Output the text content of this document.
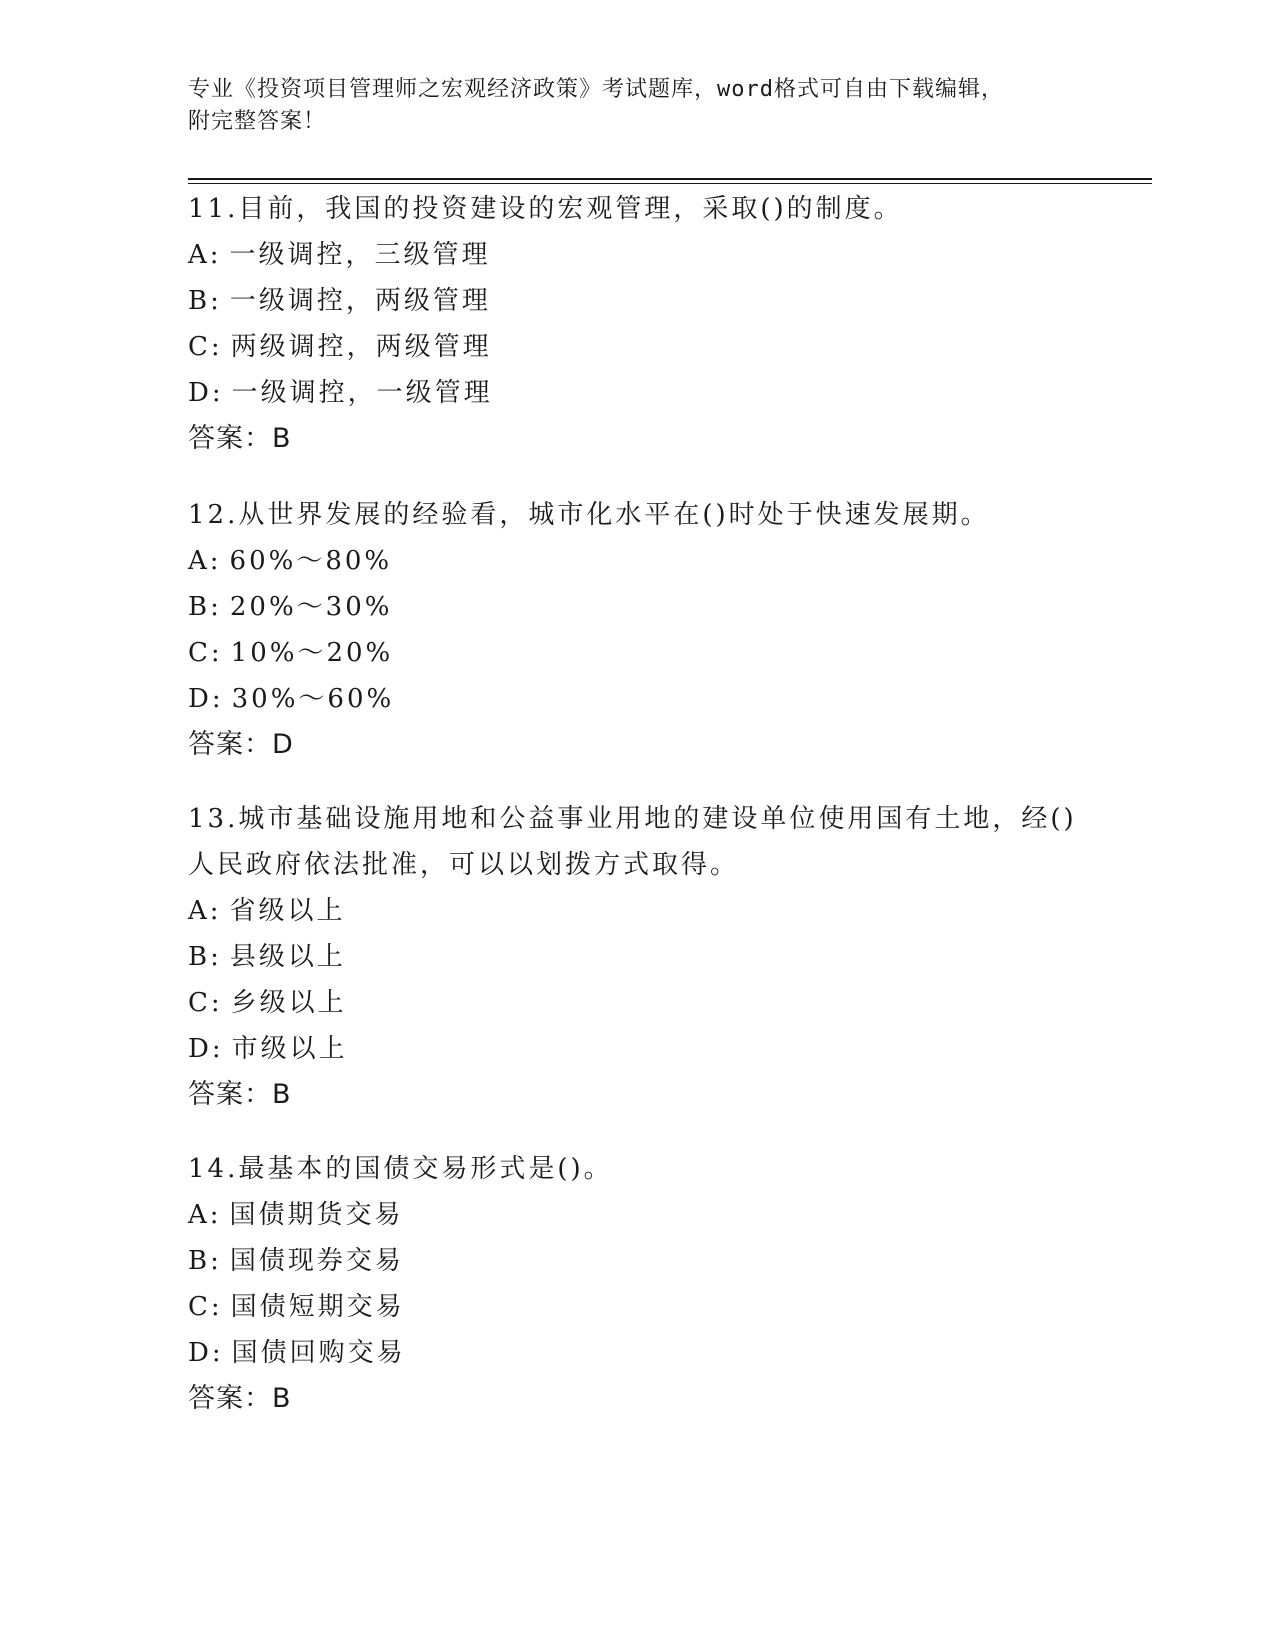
专业《投资项目管理师之宏观经济政策》考试题库，word格式可自由下载编辑，
附完整答案！

11.目前，我国的投资建设的宏观管理，采取()的制度。

A: 一级调控，三级管理

B: 一级调控，两级管理

C: 两级调控，两级管理

D: 一级调控，一级管理

答案：B

12.从世界发展的经验看，城市化水平在()时处于快速发展期。

A: 60%～80%

B: 20%～30%

C: 10%～20%

D: 30%～60%

答案：D

13.城市基础设施用地和公益事业用地的建设单位使用国有土地，经()

人民政府依法批准，可以以划拨方式取得。

A: 省级以上

B: 县级以上

C: 乡级以上

D: 市级以上

答案：B

14.最基本的国债交易形式是()。

A: 国债期货交易

B: 国债现券交易

C: 国债短期交易

D: 国债回购交易

答案：B
